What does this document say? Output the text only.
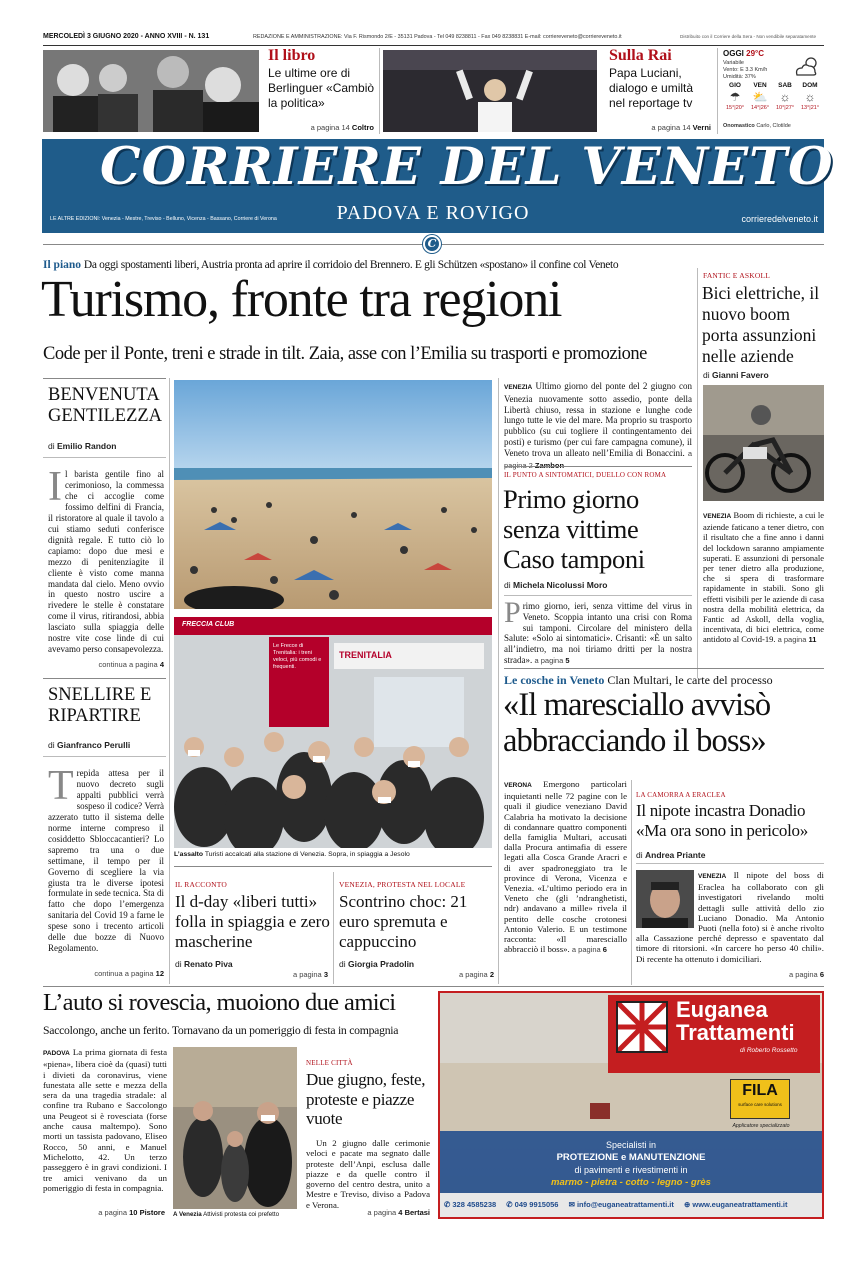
MERCOLEDÌ 3 GIUGNO 2020 - ANNO XVIII - N. 131	REDAZIONE E AMMINISTRAZIONE: Via F. Rismondo 2/E - 35131 Padova - Tel 049 8238811 - Fax 049 8238831 E-mail: corriereveneto@corriereveneto.it	Distribuito con il Corriere della Sera - Non vendibile separatamente
Il libro
Le ultime ore di Berlinguer «Cambiò la politica»
a pagina 14 Coltro
Sulla Rai
Papa Luciani, dialogo e umiltà nel reportage tv
a pagina 14 Verni
OGGI 29°C
Variabile
Vento: E 3.3 Km/h
Umidità: 37%
GIO
☂
15°|20°
VEN
⛅
14°|26°
SAB
☼
10°|27°
DOM
☼
13°|21°
Onomastico Carlo, Clotilde
CORRIERE DEL VENETO
PADOVA E ROVIGO
LE ALTRE EDIZIONI: Venezia - Mestre, Treviso - Belluno, Vicenza - Bassano, Corriere di Verona	corrieredelveneto.it
C
Il piano Da oggi spostamenti liberi, Austria pronta ad aprire il corridoio del Brennero. E gli Schützen «spostano» il confine col Veneto
Turismo, fronte tra regioni
Code per il Ponte, treni e strade in tilt. Zaia, asse con l’Emilia su trasporti e promozione
FANTIC E ASKOLL
Bici elettriche, il nuovo boom porta assunzioni nelle aziende
di Gianni Favero
VENEZIA Boom di richieste, a cui le aziende faticano a tener dietro, con il risultato che a fine anno i danni del lockdown saranno ampiamente superati. E assunzioni di personale per tener dietro alla produzione, che si spera di trasformare rapidamente in stabili. Sono gli effetti visibili per le aziende di casa nostra della mobilità elettrica, da Fantic ad Askoll, della voglia, incentivata, di bici elettrica, come antidoto al Covid-19. a pagina 11
BENVENUTA GENTILEZZA
di Emilio Randon
Il barista gentile fino al cerimonioso, la commessa che ci accoglie come fossimo delfini di Francia, il ristoratore al quale il tavolo a cui stiamo seduti conferisce dignità regale. E tutto ciò lo capiamo: dopo due mesi e mezzo di penitenziagite il cliente è visto come manna mandata dal cielo. Meno ovvio in questo nostro uscire a rivedere le stelle è constatare come il virus, ritirandosi, abbia lasciato sulla spiaggia delle nostre vite cose linde di cui avevamo perso consapevolezza.
continua a pagina 4
SNELLIRE E RIPARTIRE
di Gianfranco Perulli
Trepida attesa per il nuovo decreto sugli appalti pubblici verrà sospeso il codice? Verrà azzerato tutto il sistema delle norme interne compreso il cosiddetto Sbloccacantieri? Lo sapremo tra una o due settimane, il tempo per il Governo di scegliere la via giusta tra le diverse ipotesi formulate in sede tecnica. Sta di fatto che dopo l’emergenza sanitaria del Covid 19 a farne le spese sono i trecento articoli delle due bozze di Nuovo Regolamento.
continua a pagina 12
FRECCIA CLUB
TRENITALIA
Le Frecce di Trenitalia: i treni veloci, più comodi e frequenti.
L’assalto Turisti accalcati alla stazione di Venezia. Sopra, in spiaggia a Jesolo
IL RACCONTO
Il d-day «liberi tutti» folla in spiaggia e zero mascherine
di Renato Piva
a pagina 3
VENEZIA, PROTESTA NEL LOCALE
Scontrino choc: 21 euro spremuta e cappuccino
di Giorgia Pradolin
a pagina 2
VENEZIA Ultimo giorno del ponte del 2 giugno con Venezia nuovamente sotto assedio, ponte della Libertà chiuso, ressa in stazione e lunghe code lungo tutte le vie del mare. Ma proprio su trasporto pubblico (su cui togliere il contingentamento dei posti) e turismo (per cui fare campagna comune), il Veneto trova un alleato nell’Emilia di Bonaccini. a
IL PUNTO A SINTOMATICI, DUELLO CON ROMA
Primo giorno senza vittime Caso tamponi
di Michela Nicolussi Moro
Primo giorno, ieri, senza vittime del virus in Veneto. Scoppia intanto una crisi con Roma sui tamponi. Circolare del ministero della Salute: «Solo ai sintomatici». Crisanti: «È un salto all’indietro, ma noi tiriamo dritti per la nostra strada». a pagina 5
Le cosche in Veneto Clan Multari, le carte del processo
«Il maresciallo avvisò abbracciando il boss»
VERONA Emergono particolari inquietanti nelle 72 pagine con le quali il giudice veneziano David Calabria ha motivato la decisione di condannare quattro componenti della famiglia Multari, accusati dalla Procura antimafia di essere legati alla Cosca Grande Aracri e di aver spadroneggiato tra le province di Verona, Vicenza e Venezia. «L’ultimo periodo era in Veneto che (gli ’ndranghetisti, ndr) andavano a mille» rivela il pentito delle cosche crotonesi Antonio Valerio. E un testimone racconta: «Il maresciallo abbracciò il boss». a pagina 6
LA CAMORRA A ERACLEA
Il nipote incastra Donadio «Ma ora sono in pericolo»
di Andrea Priante
VENEZIA Il nipote del boss di Eraclea ha collaborato con gli investigatori rivelando molti dettagli sulle attività dello zio Luciano Donadio. Ma Antonio Puoti (nella foto) si è anche rivolto alla Cassazione perché depresso e spaventato dal timore di ritorsioni. «In carcere ho perso 40 chili». Di recente ha ottenuto i domiciliari.
a pagina 6
L’auto si rovescia, muoiono due amici
Saccolongo, anche un ferito. Tornavano da un pomeriggio di festa in compagnia
PADOVA La prima giornata di festa «piena», libera cioè da (quasi) tutti i divieti da coronavirus, viene funestata alle sette e mezza della sera da una tragedia stradale: al confine tra Rubano e Saccolongo una Peugeot si è rovesciata (forse anche causa maltempo). Sono morti un tassista padovano, Eliseo Rocco, 50 anni, e Manuel Michelotto, 42. Un terzo passeggero è in gravi condizioni. I tre amici venivano da un pomeriggio di festa in compagnia.
a pagina 10 Pistore A Venezia Attivisti protesta coi prefetto
NELLE CITTÀ
Due giugno, feste, proteste e piazze vuote
Un 2 giugno dalle cerimonie veloci e pacate ma segnato dalle proteste dell’Anpi, esclusa dalle piazze e da quelle contro il governo del centro destra, unito a Mestre e Treviso, diviso a Padova e Verona.
a pagina 4 Bertasi
Euganea
Trattamenti
di Roberto Rossetto
FILA
surface care solutions
Applicatore specializzato
Specialisti in
PROTEZIONE e MANUTENZIONE
di pavimenti e rivestimenti in
marmo - pietra - cotto - legno - grès
✆ 328 4585238 ✆ 049 9915056 ✉ info@euganeatrattamenti.it ⊕ www.euganeatrattamenti.it
